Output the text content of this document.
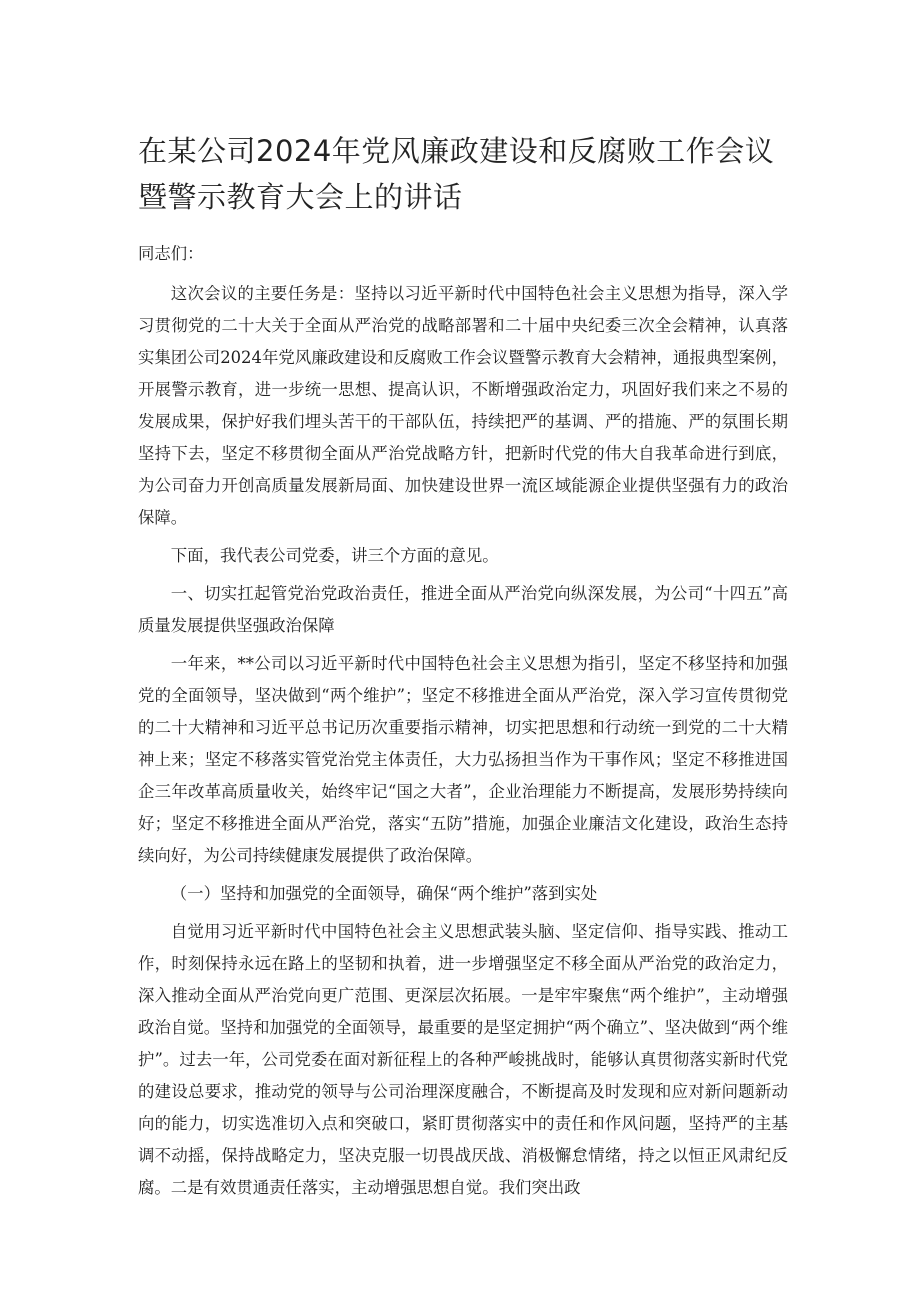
在某公司2024年党风廉政建设和反腐败工作会议暨警示教育大会上的讲话

同志们：

这次会议的主要任务是：坚持以习近平新时代中国特色社会主义思想为指导，深入学习贯彻党的二十大关于全面从严治党的战略部署和二十届中央纪委三次全会精神，认真落实集团公司2024年党风廉政建设和反腐败工作会议暨警示教育大会精神，通报典型案例，开展警示教育，进一步统一思想、提高认识，不断增强政治定力，巩固好我们来之不易的发展成果，保护好我们埋头苦干的干部队伍，持续把严的基调、严的措施、严的氛围长期坚持下去，坚定不移贯彻全面从严治党战略方针，把新时代党的伟大自我革命进行到底，为公司奋力开创高质量发展新局面、加快建设世界一流区域能源企业提供坚强有力的政治保障。

下面，我代表公司党委，讲三个方面的意见。

一、切实扛起管党治党政治责任，推进全面从严治党向纵深发展，为公司“十四五”高质量发展提供坚强政治保障

一年来，**公司以习近平新时代中国特色社会主义思想为指引，坚定不移坚持和加强党的全面领导，坚决做到“两个维护”；坚定不移推进全面从严治党，深入学习宣传贯彻党的二十大精神和习近平总书记历次重要指示精神，切实把思想和行动统一到党的二十大精神上来；坚定不移落实管党治党主体责任，大力弘扬担当作为干事作风；坚定不移推进国企三年改革高质量收关，始终牢记“国之大者”，企业治理能力不断提高，发展形势持续向好；坚定不移推进全面从严治党，落实“五防”措施，加强企业廉洁文化建设，政治生态持续向好，为公司持续健康发展提供了政治保障。

（一）坚持和加强党的全面领导，确保“两个维护”落到实处

自觉用习近平新时代中国特色社会主义思想武装头脑、坚定信仰、指导实践、推动工作，时刻保持永远在路上的坚韧和执着，进一步增强坚定不移全面从严治党的政治定力，深入推动全面从严治党向更广范围、更深层次拓展。一是牢牢聚焦“两个维护”，主动增强政治自觉。坚持和加强党的全面领导，最重要的是坚定拥护“两个确立”、坚决做到“两个维护”。过去一年，公司党委在面对新征程上的各种严峻挑战时，能够认真贯彻落实新时代党的建设总要求，推动党的领导与公司治理深度融合，不断提高及时发现和应对新问题新动向的能力，切实选准切入点和突破口，紧盯贯彻落实中的责任和作风问题，坚持严的主基调不动摇，保持战略定力，坚决克服一切畏战厌战、消极懈怠情绪，持之以恒正风肃纪反腐。二是有效贯通责任落实，主动增强思想自觉。我们突出政
